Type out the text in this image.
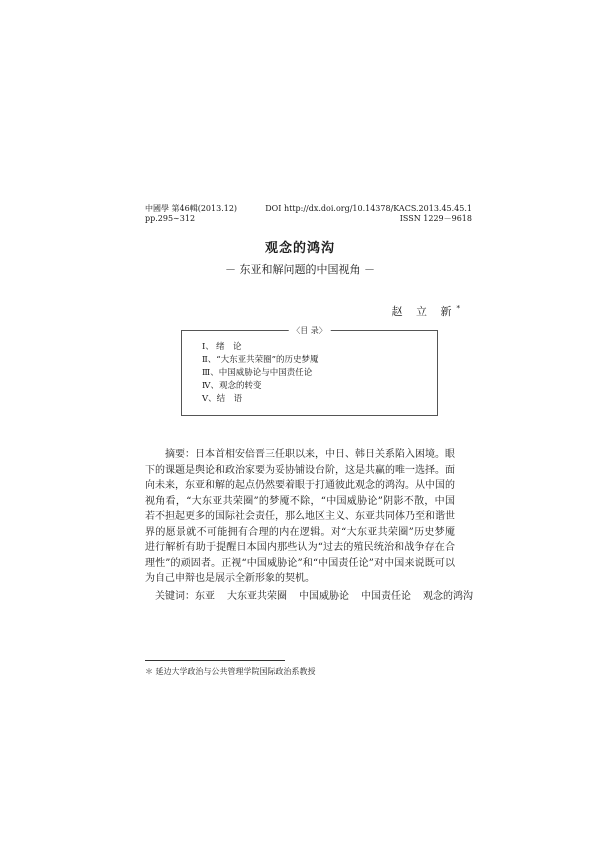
中國學 第46輯(2013.12)
pp.295∼312
DOI http://dx.doi.org/10.14378/KACS.2013.45.45.1
ISSN 1229－9618
观念的鸿沟
－ 东亚和解问题的中国视角 －
赵 立 新*
〈目 录〉
Ⅰ、 绪　论
Ⅱ、“大东亚共荣圈”的历史梦魇
Ⅲ、中国威胁论与中国责任论
Ⅳ、观念的转变
Ⅴ、结　语

摘要：日本首相安倍晋三任职以来，中日、韩日关系陷入困境。眼下的课题是舆论和政治家要为妥协铺设台阶，这是共赢的唯一选择。面向未来，东亚和解的起点仍然要着眼于打通彼此观念的鸿沟。从中国的视角看，“大东亚共荣圈”的梦魇不除，“中国威胁论”阴影不散，中国若不担起更多的国际社会责任，那么地区主义、东亚共同体乃至和谐世界的愿景就不可能拥有合理的内在逻辑。对“大东亚共荣圈”历史梦魇进行解析有助于提醒日本国内那些认为“过去的殖民统治和战争存在合理性”的顽固者。正视“中国威胁论”和“中国责任论”对中国来说既可以为自己申辩也是展示全新形象的契机。

关键词：东亚 大东亚共荣圈 中国威胁论 中国责任论 观念的鸿沟
＊ 延边大学政治与公共管理学院国际政治系教授
